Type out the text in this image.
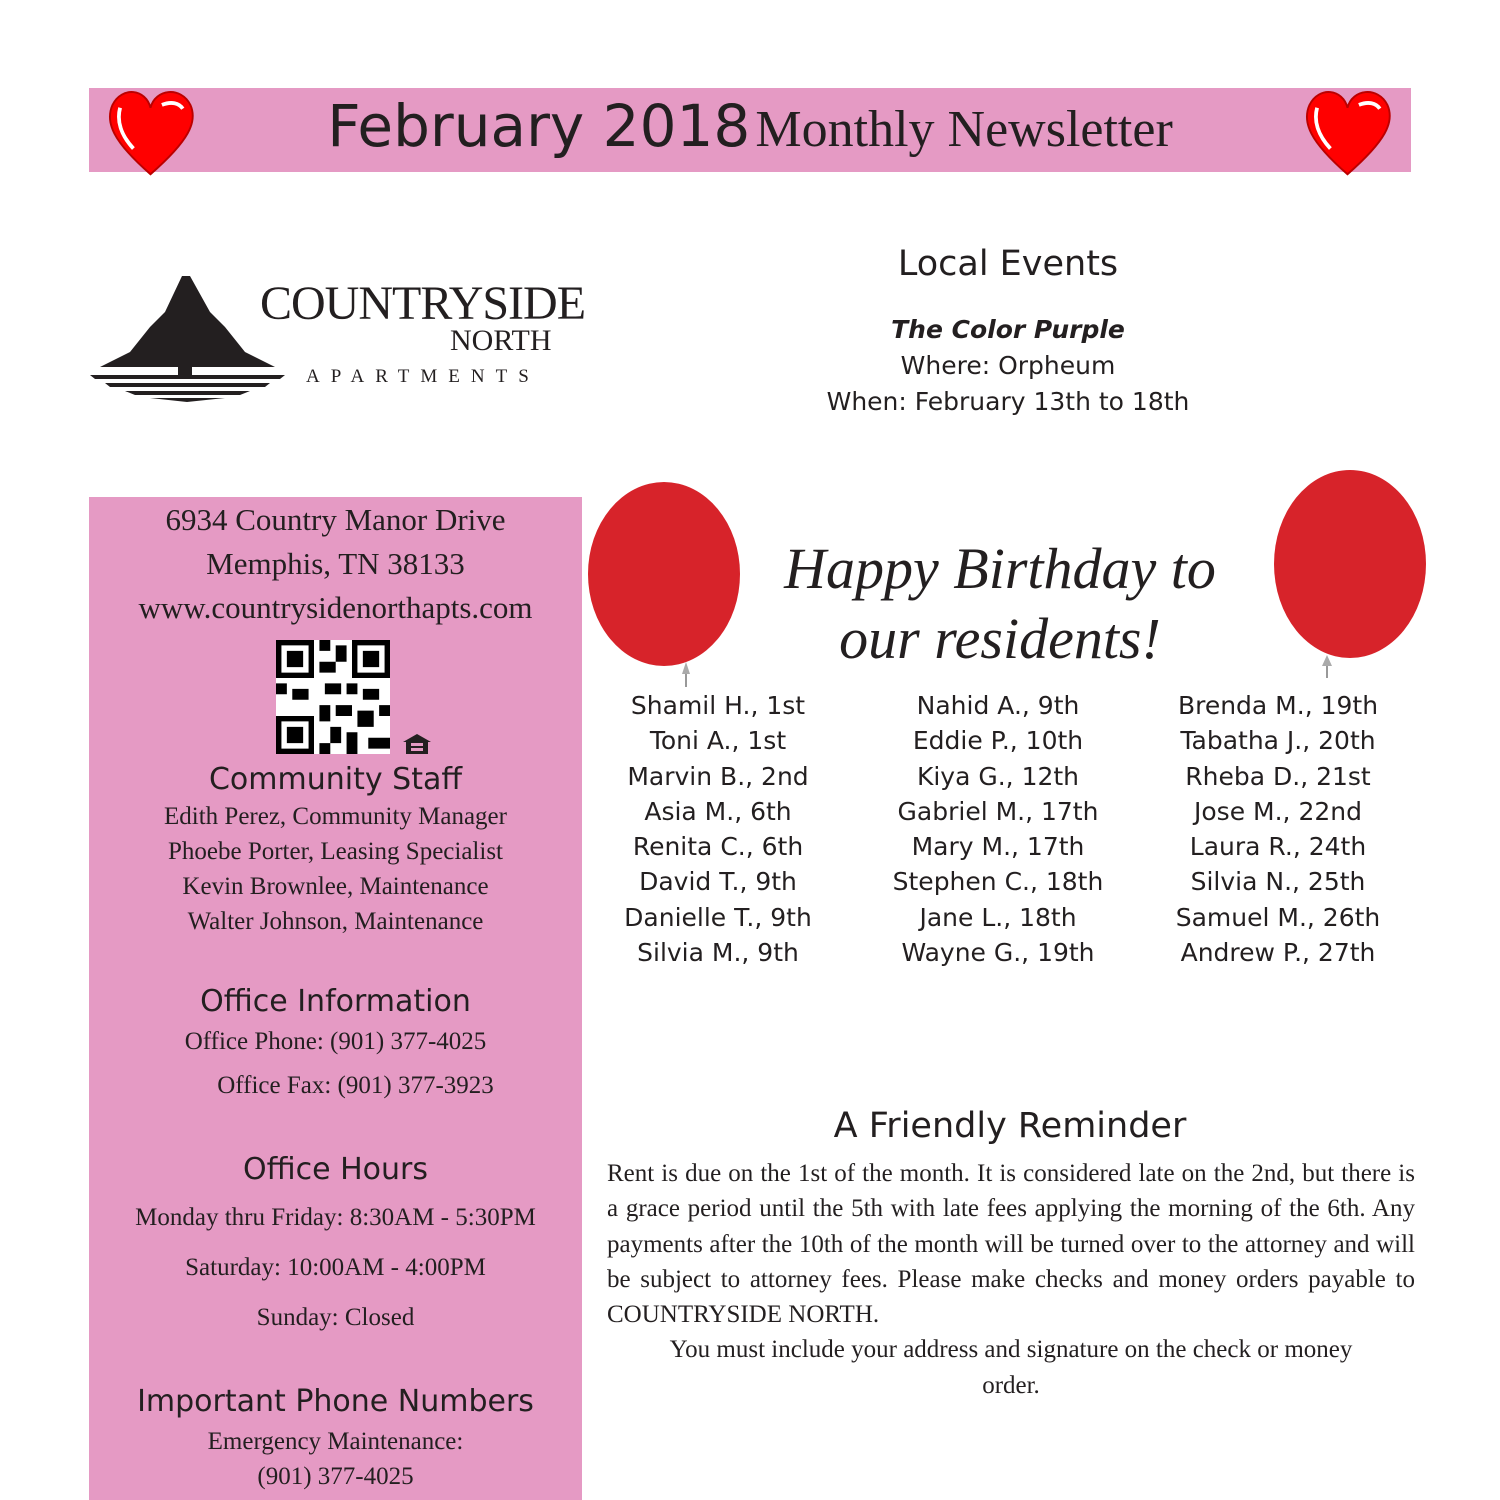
February 2018 Monthly Newsletter
COUNTRYSIDE
NORTH
APARTMENTS
Local Events
The Color Purple
Where: Orpheum
When: February 13th to 18th
6934 Country Manor Drive
Memphis, TN 38133
www.countrysidenorthapts.com
Community Staff
Edith Perez, Community Manager
Phoebe Porter, Leasing Specialist
Kevin Brownlee, Maintenance
Walter Johnson, Maintenance
Office Information
Office Phone: (901) 377-4025
Office Fax: (901) 377-3923
Office Hours
Monday thru Friday: 8:30AM - 5:30PM
Saturday: 10:00AM - 4:00PM
Sunday: Closed
Important Phone Numbers
Emergency Maintenance:
(901) 377-4025
Happy Birthday to
our residents!
Shamil H., 1st
Toni A., 1st
Marvin B., 2nd
Asia M., 6th
Renita C., 6th
David T., 9th
Danielle T., 9th
Silvia M., 9th
Nahid A., 9th
Eddie P., 10th
Kiya G., 12th
Gabriel M., 17th
Mary M., 17th
Stephen C., 18th
Jane L., 18th
Wayne G., 19th
Brenda M., 19th
Tabatha J., 20th
Rheba D., 21st
Jose M., 22nd
Laura R., 24th
Silvia N., 25th
Samuel M., 26th
Andrew P., 27th
A Friendly Reminder
Rent is due on the 1st of the month. It is considered late on the 2nd, but there is a grace period until the 5th with late fees applying the morning of the 6th. Any payments after the 10th of the month will be turned over to the attorney and will be subject to attorney fees. Please make checks and money orders payable to COUNTRYSIDE NORTH.
You must include your address and signature on the check or money order.
